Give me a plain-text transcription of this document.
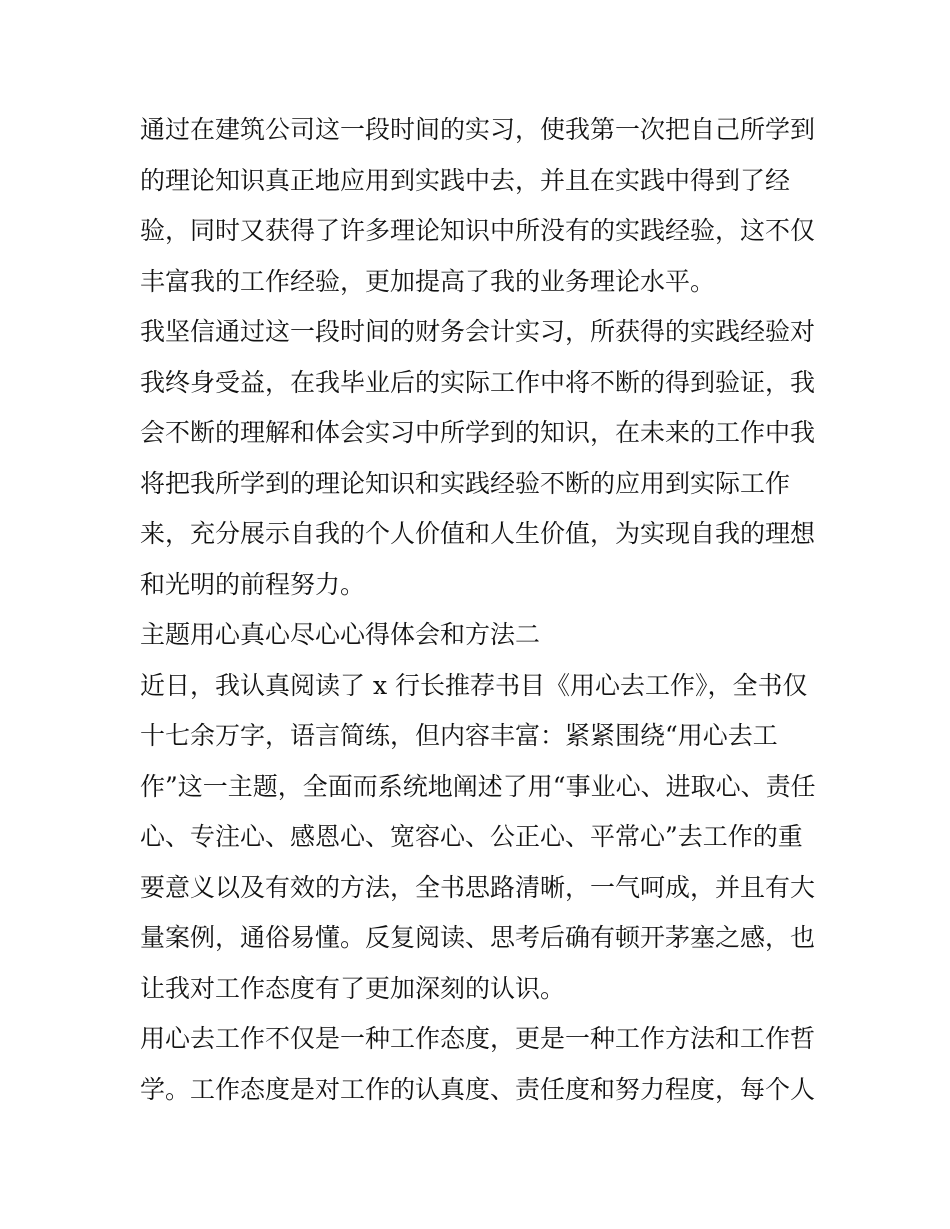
通过在建筑公司这一段时间的实习，使我第一次把自己所学到
的理论知识真正地应用到实践中去，并且在实践中得到了经
验，同时又获得了许多理论知识中所没有的实践经验，这不仅
丰富我的工作经验，更加提高了我的业务理论水平。
我坚信通过这一段时间的财务会计实习，所获得的实践经验对
我终身受益，在我毕业后的实际工作中将不断的得到验证，我
会不断的理解和体会实习中所学到的知识，在未来的工作中我
将把我所学到的理论知识和实践经验不断的应用到实际工作
来，充分展示自我的个人价值和人生价值，为实现自我的理想
和光明的前程努力。
主题用心真心尽心心得体会和方法二
近日，我认真阅读了 x 行长推荐书目《用心去工作》，全书仅
十七余万字，语言简练，但内容丰富：紧紧围绕“用心去工
作”这一主题，全面而系统地阐述了用“事业心、进取心、责任
心、专注心、感恩心、宽容心、公正心、平常心”去工作的重
要意义以及有效的方法，全书思路清晰，一气呵成，并且有大
量案例，通俗易懂。反复阅读、思考后确有顿开茅塞之感，也
让我对工作态度有了更加深刻的认识。
用心去工作不仅是一种工作态度，更是一种工作方法和工作哲
学。工作态度是对工作的认真度、责任度和努力程度，每个人
